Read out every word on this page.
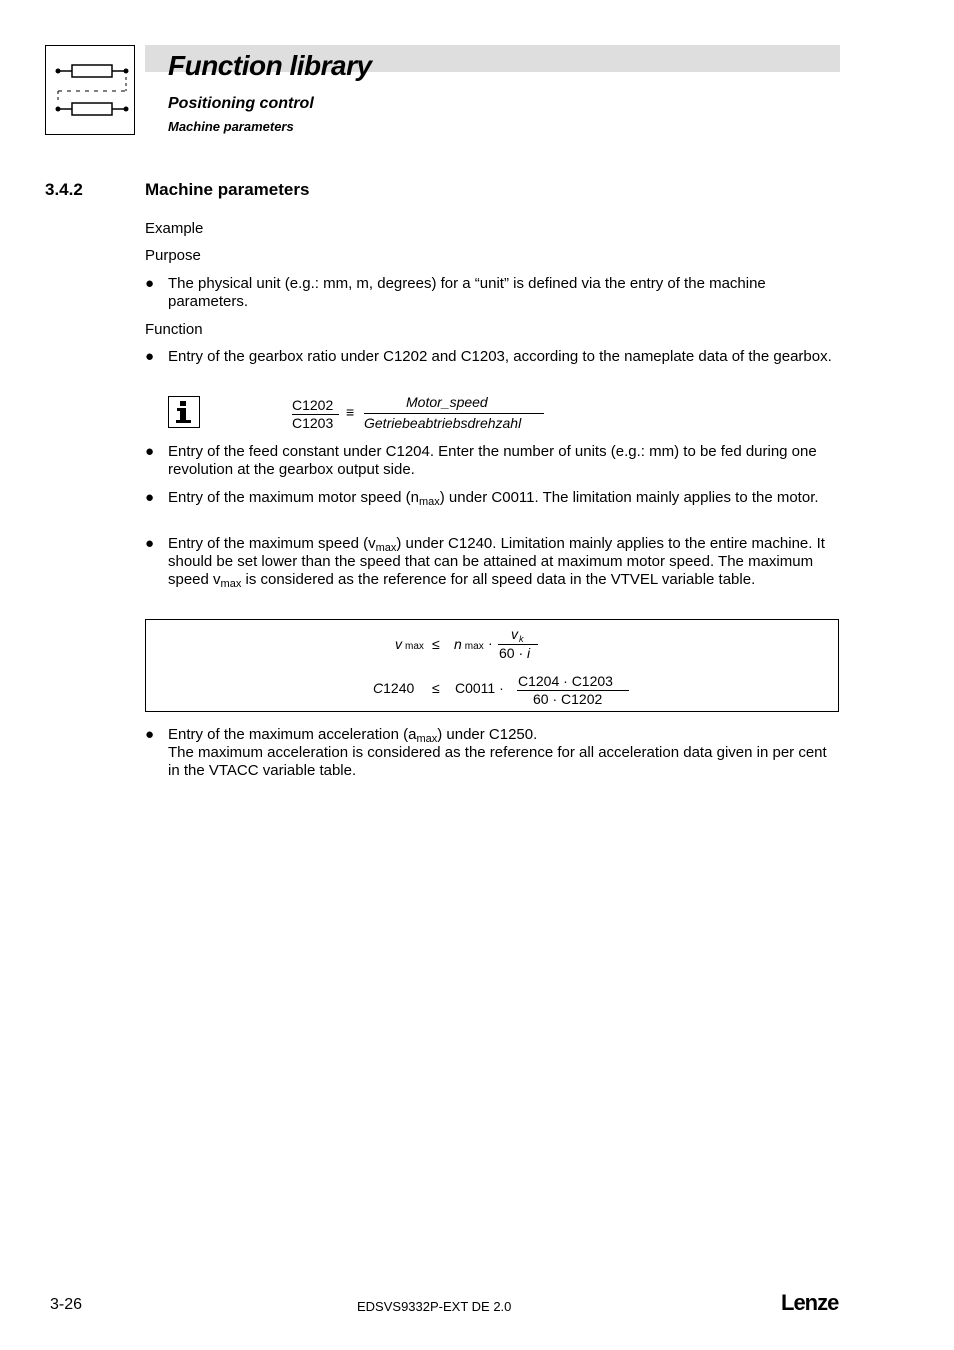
Function library
Positioning control
Machine parameters
3.4.2	Machine parameters
Example
Purpose
● The physical unit (e.g.: mm, m, degrees) for a “unit” is defined via the entry of the machine parameters.
Function
● Entry of the gearbox ratio under C1202 and C1203, according to the nameplate data of the gearbox.
C1202
C1203
≡
Motor_speed
Getriebeabtriebsdrehzahl
● Entry of the feed constant under C1204. Enter the number of units (e.g.: mm) to be fed during one revolution at the gearbox output side.
● Entry of the maximum motor speed $(n_{max})$ under C0011. The limitation mainly applies to the motor.
● Entry of the maximum speed $(v_{max})$ under C1240. Limitation mainly applies to the entire machine. It should be set lower than the speed that can be attained at maximum motor speed. The maximum speed $v_{max}$ is considered as the reference for all speed data in the VTVEL variable table.
v max ≤ n max ·
$v_k$
60 · i
C1240 ≤ C0011 · C1204 · C1203
60 · C1202
● Entry of the maximum acceleration $(a_{max})$ under C1250.
The maximum acceleration is considered as the reference for all acceleration data given in per cent in the VTACC variable table.
3-26	EDSVS9332P-EXT DE 2.0	Lenze
